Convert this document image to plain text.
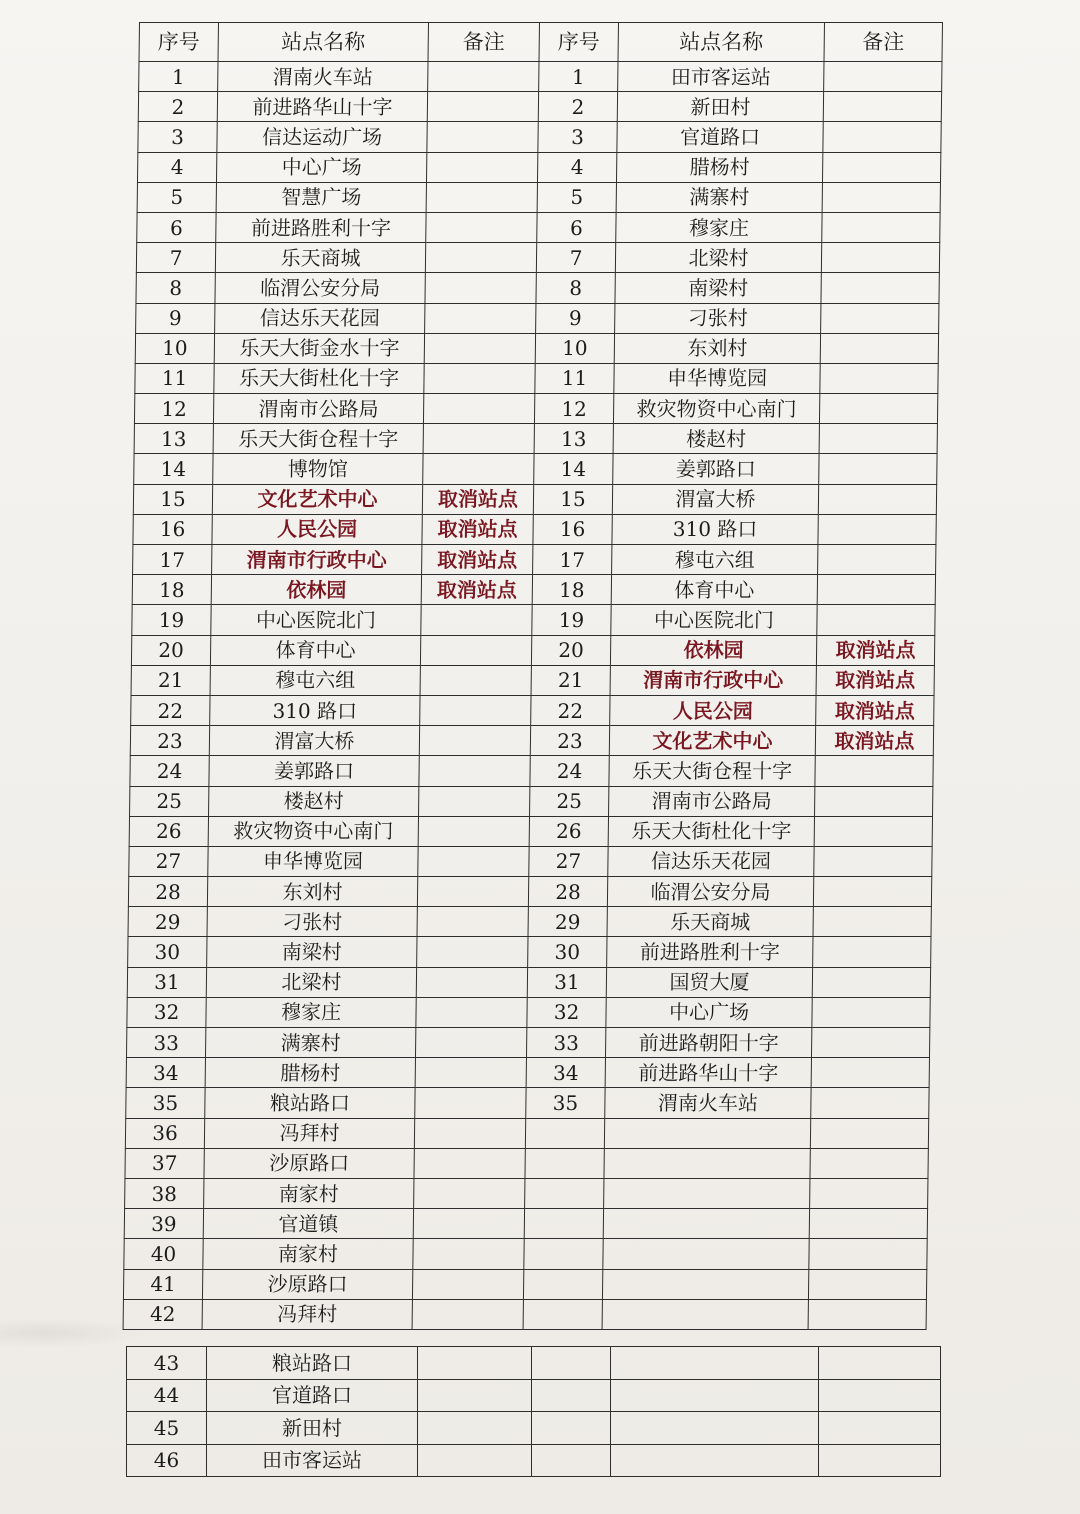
序号	站点名称	备注	序号	站点名称	备注
1	渭南火车站		1	田市客运站	
2	前进路华山十字		2	新田村	
3	信达运动广场		3	官道路口	
4	中心广场		4	腊杨村	
5	智慧广场		5	满寨村	
6	前进路胜利十字		6	穆家庄	
7	乐天商城		7	北梁村	
8	临渭公安分局		8	南梁村	
9	信达乐天花园		9	刁张村	
10	乐天大街金水十字		10	东刘村	
11	乐天大街杜化十字		11	申华博览园	
12	渭南市公路局		12	救灾物资中心南门	
13	乐天大街仓程十字		13	楼赵村	
14	博物馆		14	姜郭路口	
15	文化艺术中心	取消站点	15	渭富大桥	
16	人民公园	取消站点	16	310 路口	
17	渭南市行政中心	取消站点	17	穆屯六组	
18	依林园	取消站点	18	体育中心	
19	中心医院北门		19	中心医院北门	
20	体育中心		20	依林园	取消站点
21	穆屯六组		21	渭南市行政中心	取消站点
22	310 路口		22	人民公园	取消站点
23	渭富大桥		23	文化艺术中心	取消站点
24	姜郭路口		24	乐天大街仓程十字	
25	楼赵村		25	渭南市公路局	
26	救灾物资中心南门		26	乐天大街杜化十字	
27	申华博览园		27	信达乐天花园	
28	东刘村		28	临渭公安分局	
29	刁张村		29	乐天商城	
30	南梁村		30	前进路胜利十字	
31	北梁村		31	国贸大厦	
32	穆家庄		32	中心广场	
33	满寨村		33	前进路朝阳十字	
34	腊杨村		34	前进路华山十字	
35	粮站路口		35	渭南火车站	
36	冯拜村				
37	沙原路口				
38	南家村				
39	官道镇				
40	南家村				
41	沙原路口				
42	冯拜村				
43	粮站路口				
44	官道路口				
45	新田村				
46	田市客运站				
